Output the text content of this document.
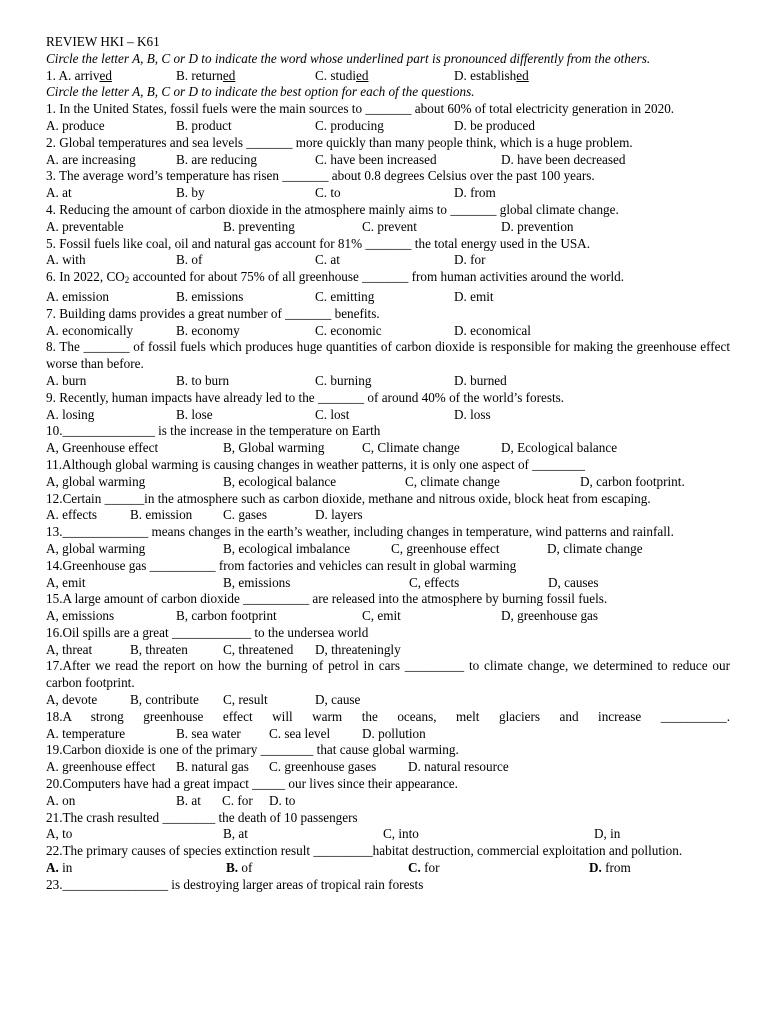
REVIEW HKI – K61
Circle the letter A, B, C or D to indicate the word whose underlined part is pronounced differently from the others.
1. A. arrived	B. returned	C. studied	D. established
Circle the letter A, B, C or D to indicate the best option for each of the questions.
1. In the United States, fossil fuels were the main sources to _______ about 60% of total electricity generation in 2020.
A. produce	B. product	C. producing	D. be produced
2. Global temperatures and sea levels _______ more quickly than many people think, which is a huge problem.
A. are increasing	B. are reducing	C. have been increased	D. have been decreased
3. The average word’s temperature has risen _______ about 0.8 degrees Celsius over the past 100 years.
A. at	B. by	C. to	D. from
4. Reducing the amount of carbon dioxide in the atmosphere mainly aims to _______ global climate change.
A. preventable	B. preventing	C. prevent	D. prevention
5. Fossil fuels like coal, oil and natural gas account for 81% _______ the total energy used in the USA.
A. with	B. of	C. at	D. for
6. In 2022, $CO_2$ accounted for about 75% of all greenhouse _______ from human activities around the world.
A. emission	B. emissions	C. emitting	D. emit
7. Building dams provides a great number of _______ benefits.
A. economically	B. economy	C. economic	D. economical
8. The _______ of fossil fuels which produces huge quantities of carbon dioxide is responsible for making the greenhouse effect worse than before.
A. burn	B. to burn	C. burning	D. burned
9. Recently, human impacts have already led to the _______ of around 40% of the world’s forests.
A. losing	B. lose	C. lost	D. loss
10.______________ is the increase in the temperature on Earth
A, Greenhouse effect	B, Global warming	C, Climate change	D, Ecological balance
11.Although global warming is causing changes in weather patterns, it is only one aspect of ________
A, global warming	B, ecological balance	C, climate change	D, carbon footprint.
12.Certain ______in the atmosphere such as carbon dioxide, methane and nitrous oxide, block heat from escaping.
A. effects	B. emission	C. gases	D. layers
13._____________ means changes in the earth’s weather, including changes in temperature, wind patterns and rainfall.
A, global warming	B, ecological imbalance	C, greenhouse effect	D, climate change
14.Greenhouse gas __________ from factories and vehicles can result in global warming
A, emit	B, emissions	C, effects	D, causes
15.A large amount of carbon dioxide __________ are released into the atmosphere by burning fossil fuels.
A, emissions	B, carbon footprint	C, emit	D, greenhouse gas
16.Oil spills are a great ____________ to the undersea world
A, threat	B, threaten	C, threatened	D, threateningly
17.After we read the report on how the burning of petrol in cars _________ to climate change, we determined to reduce our carbon footprint.
A, devote	B, contribute	C, result	D, cause
18.A strong greenhouse effect will warm the oceans, melt glaciers and increase __________.
A. temperature	B. sea water	C. sea level	D. pollution
19.Carbon dioxide is one of the primary ________ that cause global warming.
A. greenhouse effect	B. natural gas	C. greenhouse gases	D. natural resource
20.Computers have had a great impact _____ our lives since their appearance.
A. on	B. at	C. for	D. to
21.The crash resulted ________ the death of 10 passengers
A, to	B, at	C, into	D, in
22.The primary causes of species extinction result _________habitat destruction, commercial exploitation and pollution.
A. in	B. of	C. for	D. from
23.________________ is destroying larger areas of tropical rain forests
